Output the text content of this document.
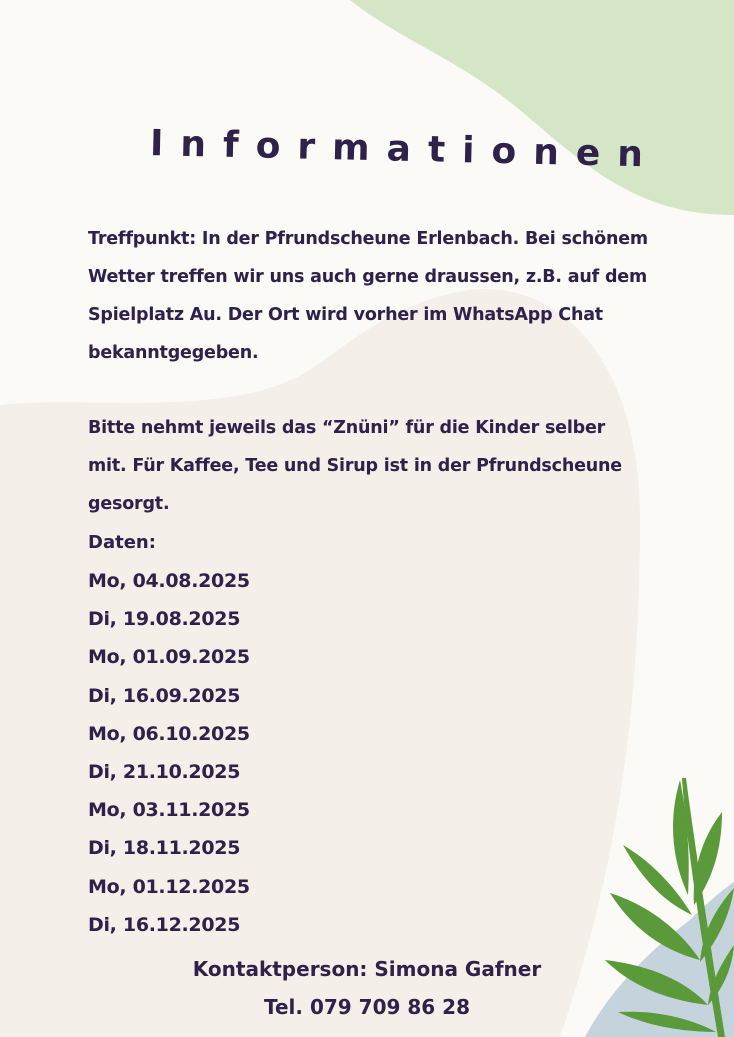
Informationen

Treffpunkt: In der Pfrundscheune Erlenbach. Bei schönem Wetter treffen wir uns auch gerne draussen, z.B. auf dem Spielplatz Au. Der Ort wird vorher im WhatsApp Chat bekanntgegeben.

Bitte nehmt jeweils das “Znüni” für die Kinder selber mit. Für Kaffee, Tee und Sirup ist in der Pfrundscheune gesorgt.

Daten:

Mo, 04.08.2025
Di, 19.08.2025
Mo, 01.09.2025
Di, 16.09.2025
Mo, 06.10.2025
Di, 21.10.2025
Mo, 03.11.2025
Di, 18.11.2025
Mo, 01.12.2025
Di, 16.12.2025
Kontaktperson: Simona Gafner
Tel. 079 709 86 28
